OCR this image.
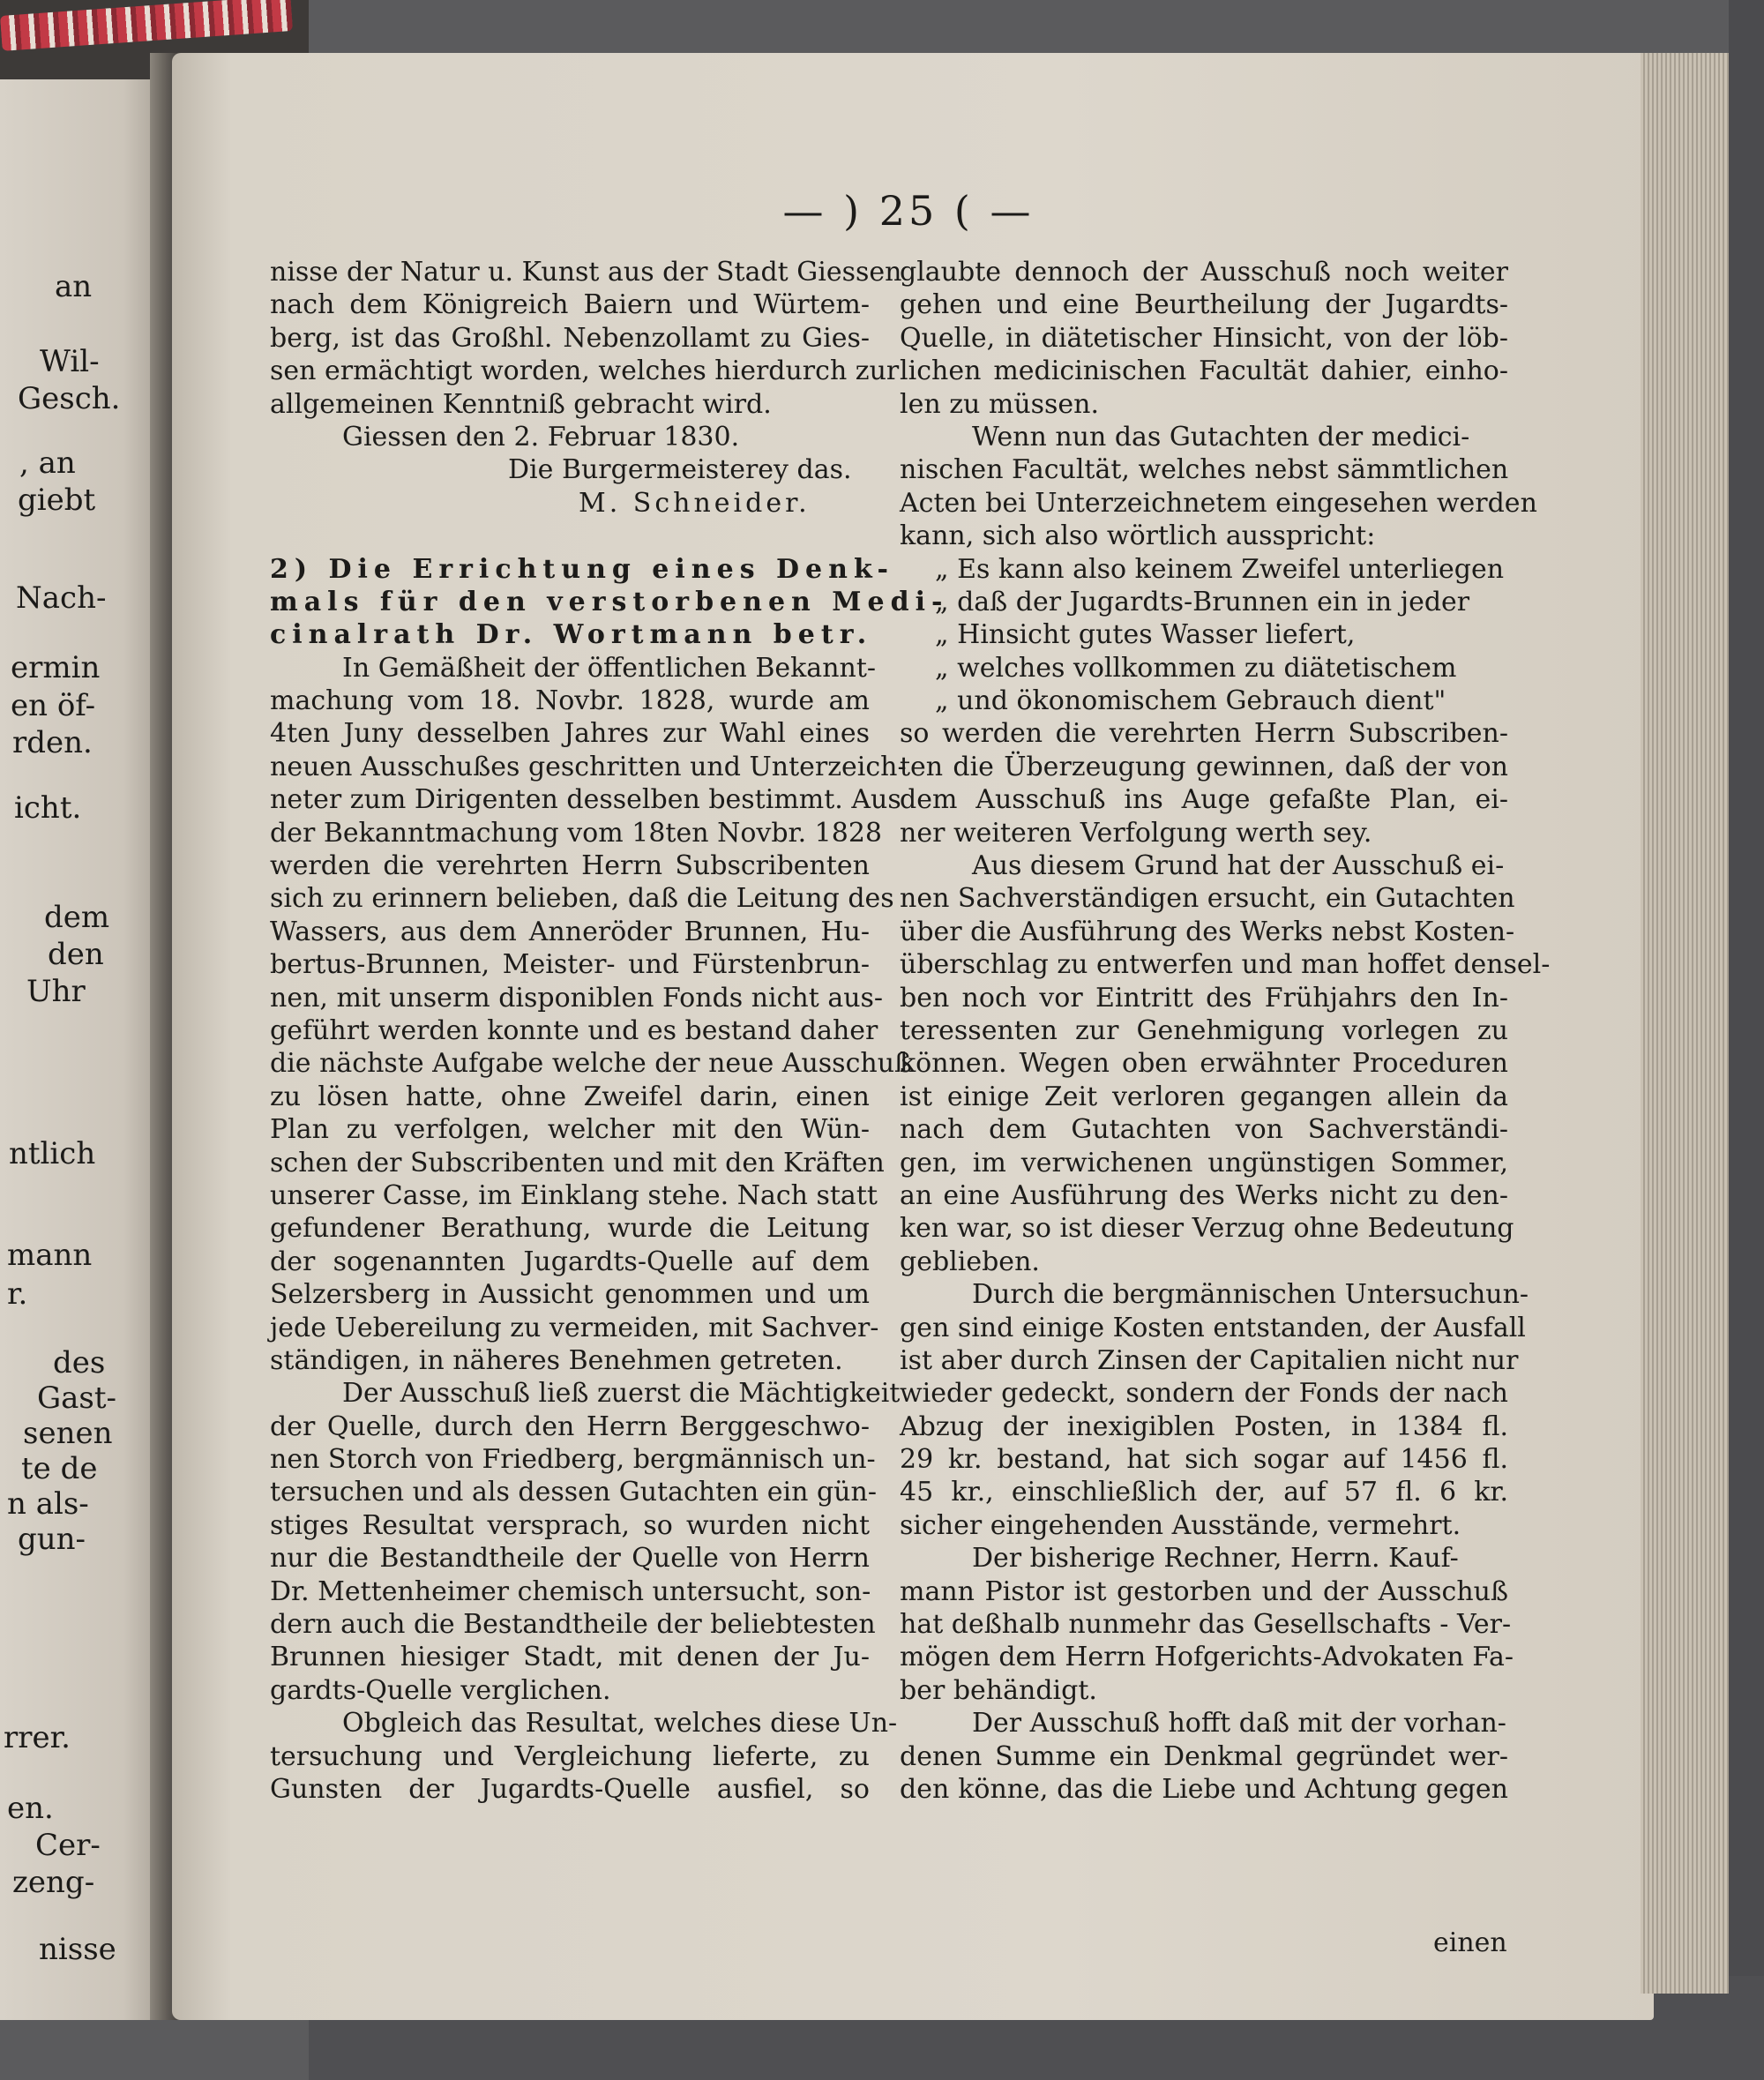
an
Wil-
Gesch.
, an
giebt
Nach-
ermin
en öf-
rden.
icht.
dem
den
Uhr
ntlich
mann
r.
des
Gast-
senen
te de
n als-
gun-
rrer.
en.
Cer-
zeng-
nisse
— ) 25 ( —
nisse der Natur u. Kunst aus der Stadt Giessen
nach dem Königreich Baiern und Würtem-
berg, ist das Großhl. Nebenzollamt zu Gies-
sen ermächtigt worden, welches hierdurch zur
allgemeinen Kenntniß gebracht wird.
Giessen den 2. Februar 1830.
Die Burgermeisterey das.
M. Schneider.
2) Die Errichtung eines Denk-
mals für den verstorbenen Medi-
cinalrath Dr. Wortmann betr.
In Gemäßheit der öffentlichen Bekannt-
machung vom 18. Novbr. 1828, wurde am
4ten Juny desselben Jahres zur Wahl eines
neuen Ausschußes geschritten und Unterzeich-
neter zum Dirigenten desselben bestimmt. Aus
der Bekanntmachung vom 18ten Novbr. 1828
werden die verehrten Herrn Subscribenten
sich zu erinnern belieben, daß die Leitung des
Wassers, aus dem Anneröder Brunnen, Hu-
bertus-Brunnen, Meister- und Fürstenbrun-
nen, mit unserm disponiblen Fonds nicht aus-
geführt werden konnte und es bestand daher
die nächste Aufgabe welche der neue Ausschuß
zu lösen hatte, ohne Zweifel darin, einen
Plan zu verfolgen, welcher mit den Wün-
schen der Subscribenten und mit den Kräften
unserer Casse, im Einklang stehe. Nach statt
gefundener Berathung, wurde die Leitung
der sogenannten Jugardts-Quelle auf dem
Selzersberg in Aussicht genommen und um
jede Uebereilung zu vermeiden, mit Sachver-
ständigen, in näheres Benehmen getreten.
Der Ausschuß ließ zuerst die Mächtigkeit
der Quelle, durch den Herrn Berggeschwo-
nen Storch von Friedberg, bergmännisch un-
tersuchen und als dessen Gutachten ein gün-
stiges Resultat versprach, so wurden nicht
nur die Bestandtheile der Quelle von Herrn
Dr. Mettenheimer chemisch untersucht, son-
dern auch die Bestandtheile der beliebtesten
Brunnen hiesiger Stadt, mit denen der Ju-
gardts-Quelle verglichen.
Obgleich das Resultat, welches diese Un-
tersuchung und Vergleichung lieferte, zu
Gunsten der Jugardts-Quelle ausfiel, so
glaubte dennoch der Ausschuß noch weiter
gehen und eine Beurtheilung der Jugardts-
Quelle, in diätetischer Hinsicht, von der löb-
lichen medicinischen Facultät dahier, einho-
len zu müssen.
Wenn nun das Gutachten der medici-
nischen Facultät, welches nebst sämmtlichen
Acten bei Unterzeichnetem eingesehen werden
kann, sich also wörtlich ausspricht:
„ Es kann also keinem Zweifel unterliegen
„ daß der Jugardts-Brunnen ein in jeder
„ Hinsicht gutes Wasser liefert,
„ welches vollkommen zu diätetischem
„ und ökonomischem Gebrauch dient"
so werden die verehrten Herrn Subscriben-
ten die Überzeugung gewinnen, daß der von
dem Ausschuß ins Auge gefaßte Plan, ei-
ner weiteren Verfolgung werth sey.
Aus diesem Grund hat der Ausschuß ei-
nen Sachverständigen ersucht, ein Gutachten
über die Ausführung des Werks nebst Kosten-
überschlag zu entwerfen und man hoffet densel-
ben noch vor Eintritt des Frühjahrs den In-
teressenten zur Genehmigung vorlegen zu
können. Wegen oben erwähnter Proceduren
ist einige Zeit verloren gegangen allein da
nach dem Gutachten von Sachverständi-
gen, im verwichenen ungünstigen Sommer,
an eine Ausführung des Werks nicht zu den-
ken war, so ist dieser Verzug ohne Bedeutung
geblieben.
Durch die bergmännischen Untersuchun-
gen sind einige Kosten entstanden, der Ausfall
ist aber durch Zinsen der Capitalien nicht nur
wieder gedeckt, sondern der Fonds der nach
Abzug der inexigiblen Posten, in 1384 fl.
29 kr. bestand, hat sich sogar auf 1456 fl.
45 kr., einschließlich der, auf 57 fl. 6 kr.
sicher eingehenden Ausstände, vermehrt.
Der bisherige Rechner, Herrn. Kauf-
mann Pistor ist gestorben und der Ausschuß
hat deßhalb nunmehr das Gesellschafts - Ver-
mögen dem Herrn Hofgerichts-Advokaten Fa-
ber behändigt.
Der Ausschuß hofft daß mit der vorhan-
denen Summe ein Denkmal gegründet wer-
den könne, das die Liebe und Achtung gegen
einen
